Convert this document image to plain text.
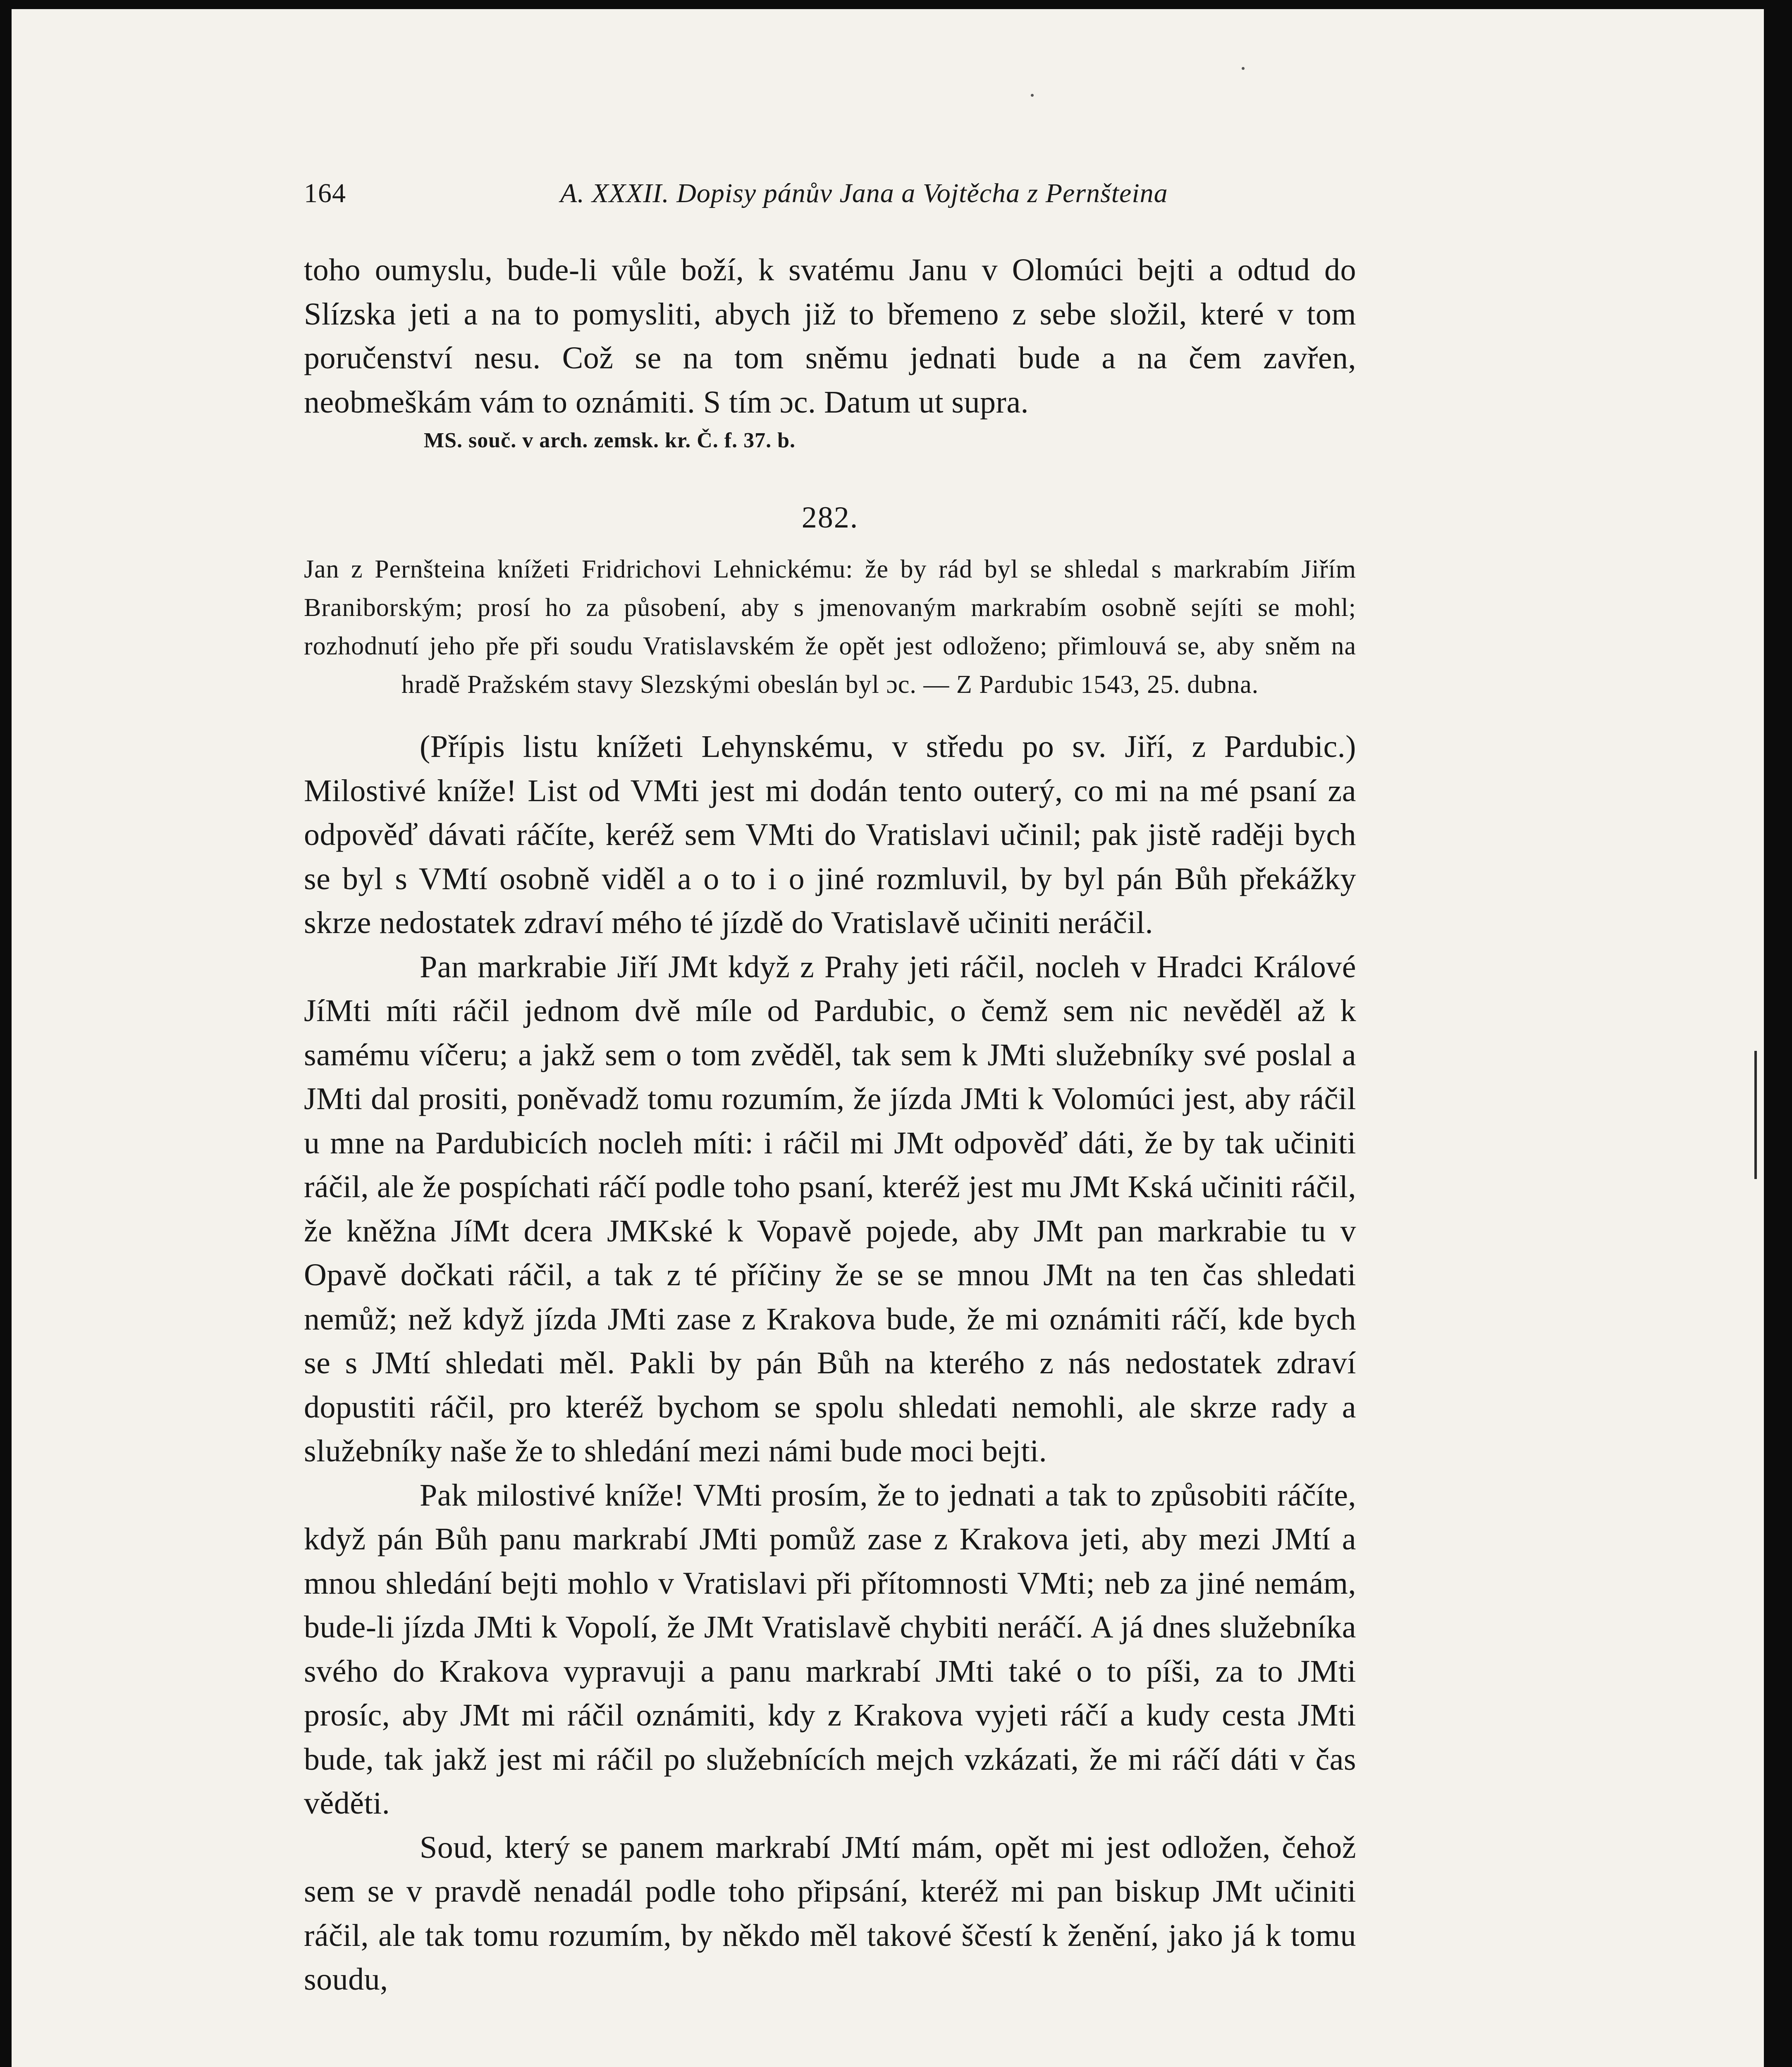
164	A. XXXII. Dopisy pánův Jana a Vojtěcha z Pernšteina

toho oumyslu, bude-li vůle boží, k svatému Janu v Olomúci bejti a odtud do Slízska jeti a na to pomysliti, abych již to břemeno z sebe složil, které v tom poručenství nesu. Což se na tom sněmu jednati bude a na čem zavřen, neobmeškám vám to oznámiti. S tím ɔc. Datum ut supra.

MS. souč. v arch. zemsk. kr. Č. f. 37. b.

282.

Jan z Pernšteina knížeti Fridrichovi Lehnickému: že by rád byl se shledal s markrabím Jiřím Braniborským; prosí ho za působení, aby s jmenovaným markrabím osobně sejíti se mohl; rozhodnutí jeho pře při soudu Vratislavském že opět jest odloženo; přimlouvá se, aby sněm na hradě Pražském stavy Slezskými obeslán byl ɔc. — Z Pardubic 1543, 25. dubna.

(Přípis listu knížeti Lehynskému, v středu po sv. Jiří, z Pardubic.) Milostivé kníže! List od VMti jest mi dodán tento outerý, co mi na mé psaní za odpověď dávati ráčíte, keréž sem VMti do Vratislavi učinil; pak jistě raději bych se byl s VMtí osobně viděl a o to i o jiné rozmluvil, by byl pán Bůh překážky skrze nedostatek zdraví mého té jízdě do Vratislavě učiniti neráčil.

Pan markrabie Jiří JMt když z Prahy jeti ráčil, nocleh v Hradci Králové JíMti míti ráčil jednom dvě míle od Pardubic, o čemž sem nic nevěděl až k samému víčeru; a jakž sem o tom zvěděl, tak sem k JMti služebníky své poslal a JMti dal prositi, poněvadž tomu rozumím, že jízda JMti k Volomúci jest, aby ráčil u mne na Pardubicích nocleh míti: i ráčil mi JMt odpověď dáti, že by tak učiniti ráčil, ale že pospíchati ráčí podle toho psaní, kteréž jest mu JMt Kská učiniti ráčil, že kněžna JíMt dcera JMKské k Vopavě pojede, aby JMt pan markrabie tu v Opavě dočkati ráčil, a tak z té příčiny že se se mnou JMt na ten čas shledati nemůž; než když jízda JMti zase z Krakova bude, že mi oznámiti ráčí, kde bych se s JMtí shledati měl. Pakli by pán Bůh na kterého z nás nedostatek zdraví dopustiti ráčil, pro kteréž bychom se spolu shledati nemohli, ale skrze rady a služebníky naše že to shledání mezi námi bude moci bejti.

Pak milostivé kníže! VMti prosím, že to jednati a tak to způsobiti ráčíte, když pán Bůh panu markrabí JMti pomůž zase z Krakova jeti, aby mezi JMtí a mnou shledání bejti mohlo v Vratislavi při přítomnosti VMti; neb za jiné nemám, bude-li jízda JMti k Vopolí, že JMt Vratislavě chybiti neráčí. A já dnes služebníka svého do Krakova vypravuji a panu markrabí JMti také o to píši, za to JMti prosíc, aby JMt mi ráčil oznámiti, kdy z Krakova vyjeti ráčí a kudy cesta JMti bude, tak jakž jest mi ráčil po služebnících mejch vzkázati, že mi ráčí dáti v čas věděti.

Soud, který se panem markrabí JMtí mám, opět mi jest odložen, čehož sem se v pravdě nenadál podle toho připsání, kteréž mi pan biskup JMt učiniti ráčil, ale tak tomu rozumím, by někdo měl takové ščestí k ženění, jako já k tomu soudu,
